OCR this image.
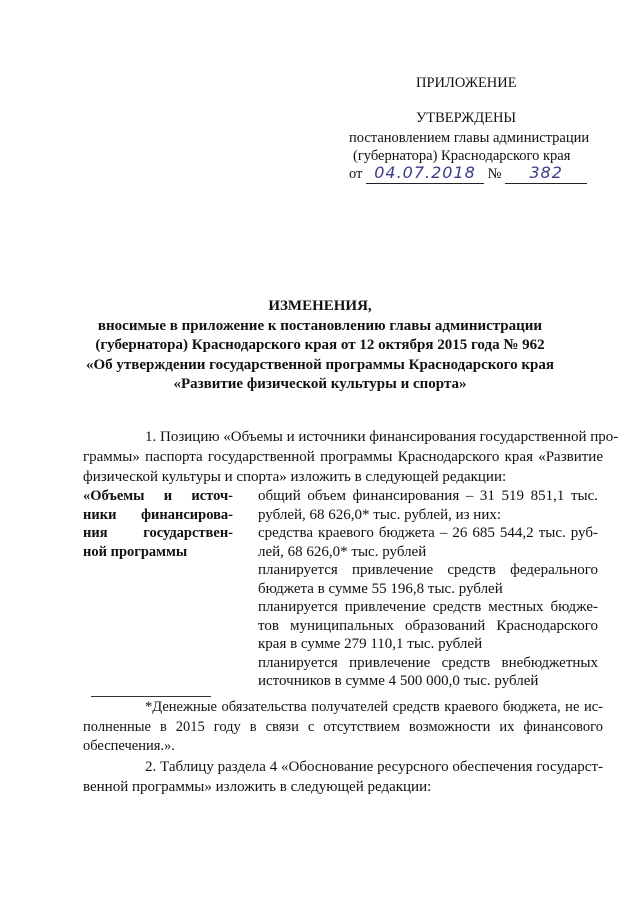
ПРИЛОЖЕНИЕ
УТВЕРЖДЕНЫ
постановлением главы администрации
(губернатора) Краснодарского края
от 04.07.2018 № 382
ИЗМЕНЕНИЯ,
вносимые в приложение к постановлению главы администрации
(губернатора) Краснодарского края от 12 октября 2015 года № 962
«Об утверждении государственной программы Краснодарского края
«Развитие физической культуры и спорта»
1. Позицию «Объемы и источники финансирования государственной про-
граммы» паспорта государственной программы Краснодарского края «Развитие
физической культуры и спорта» изложить в следующей редакции:
«Объемы и источ-
ники финансирова-
ния государствен-
ной программы
общий объем финансирования – 31 519 851,1 тыс.
рублей, 68 626,0* тыс. рублей, из них:
средства краевого бюджета – 26 685 544,2 тыс. руб-
лей, 68 626,0* тыс. рублей
планируется привлечение средств федерального
бюджета в сумме 55 196,8 тыс. рублей
планируется привлечение средств местных бюдже-
тов муниципальных образований Краснодарского
края в сумме 279 110,1 тыс. рублей
планируется привлечение средств внебюджетных
источников в сумме 4 500 000,0 тыс. рублей
*Денежные обязательства получателей средств краевого бюджета, не ис-
полненные в 2015 году в связи с отсутствием возможности их финансового
обеспечения.».
2. Таблицу раздела 4 «Обоснование ресурсного обеспечения государст-
венной программы» изложить в следующей редакции:
